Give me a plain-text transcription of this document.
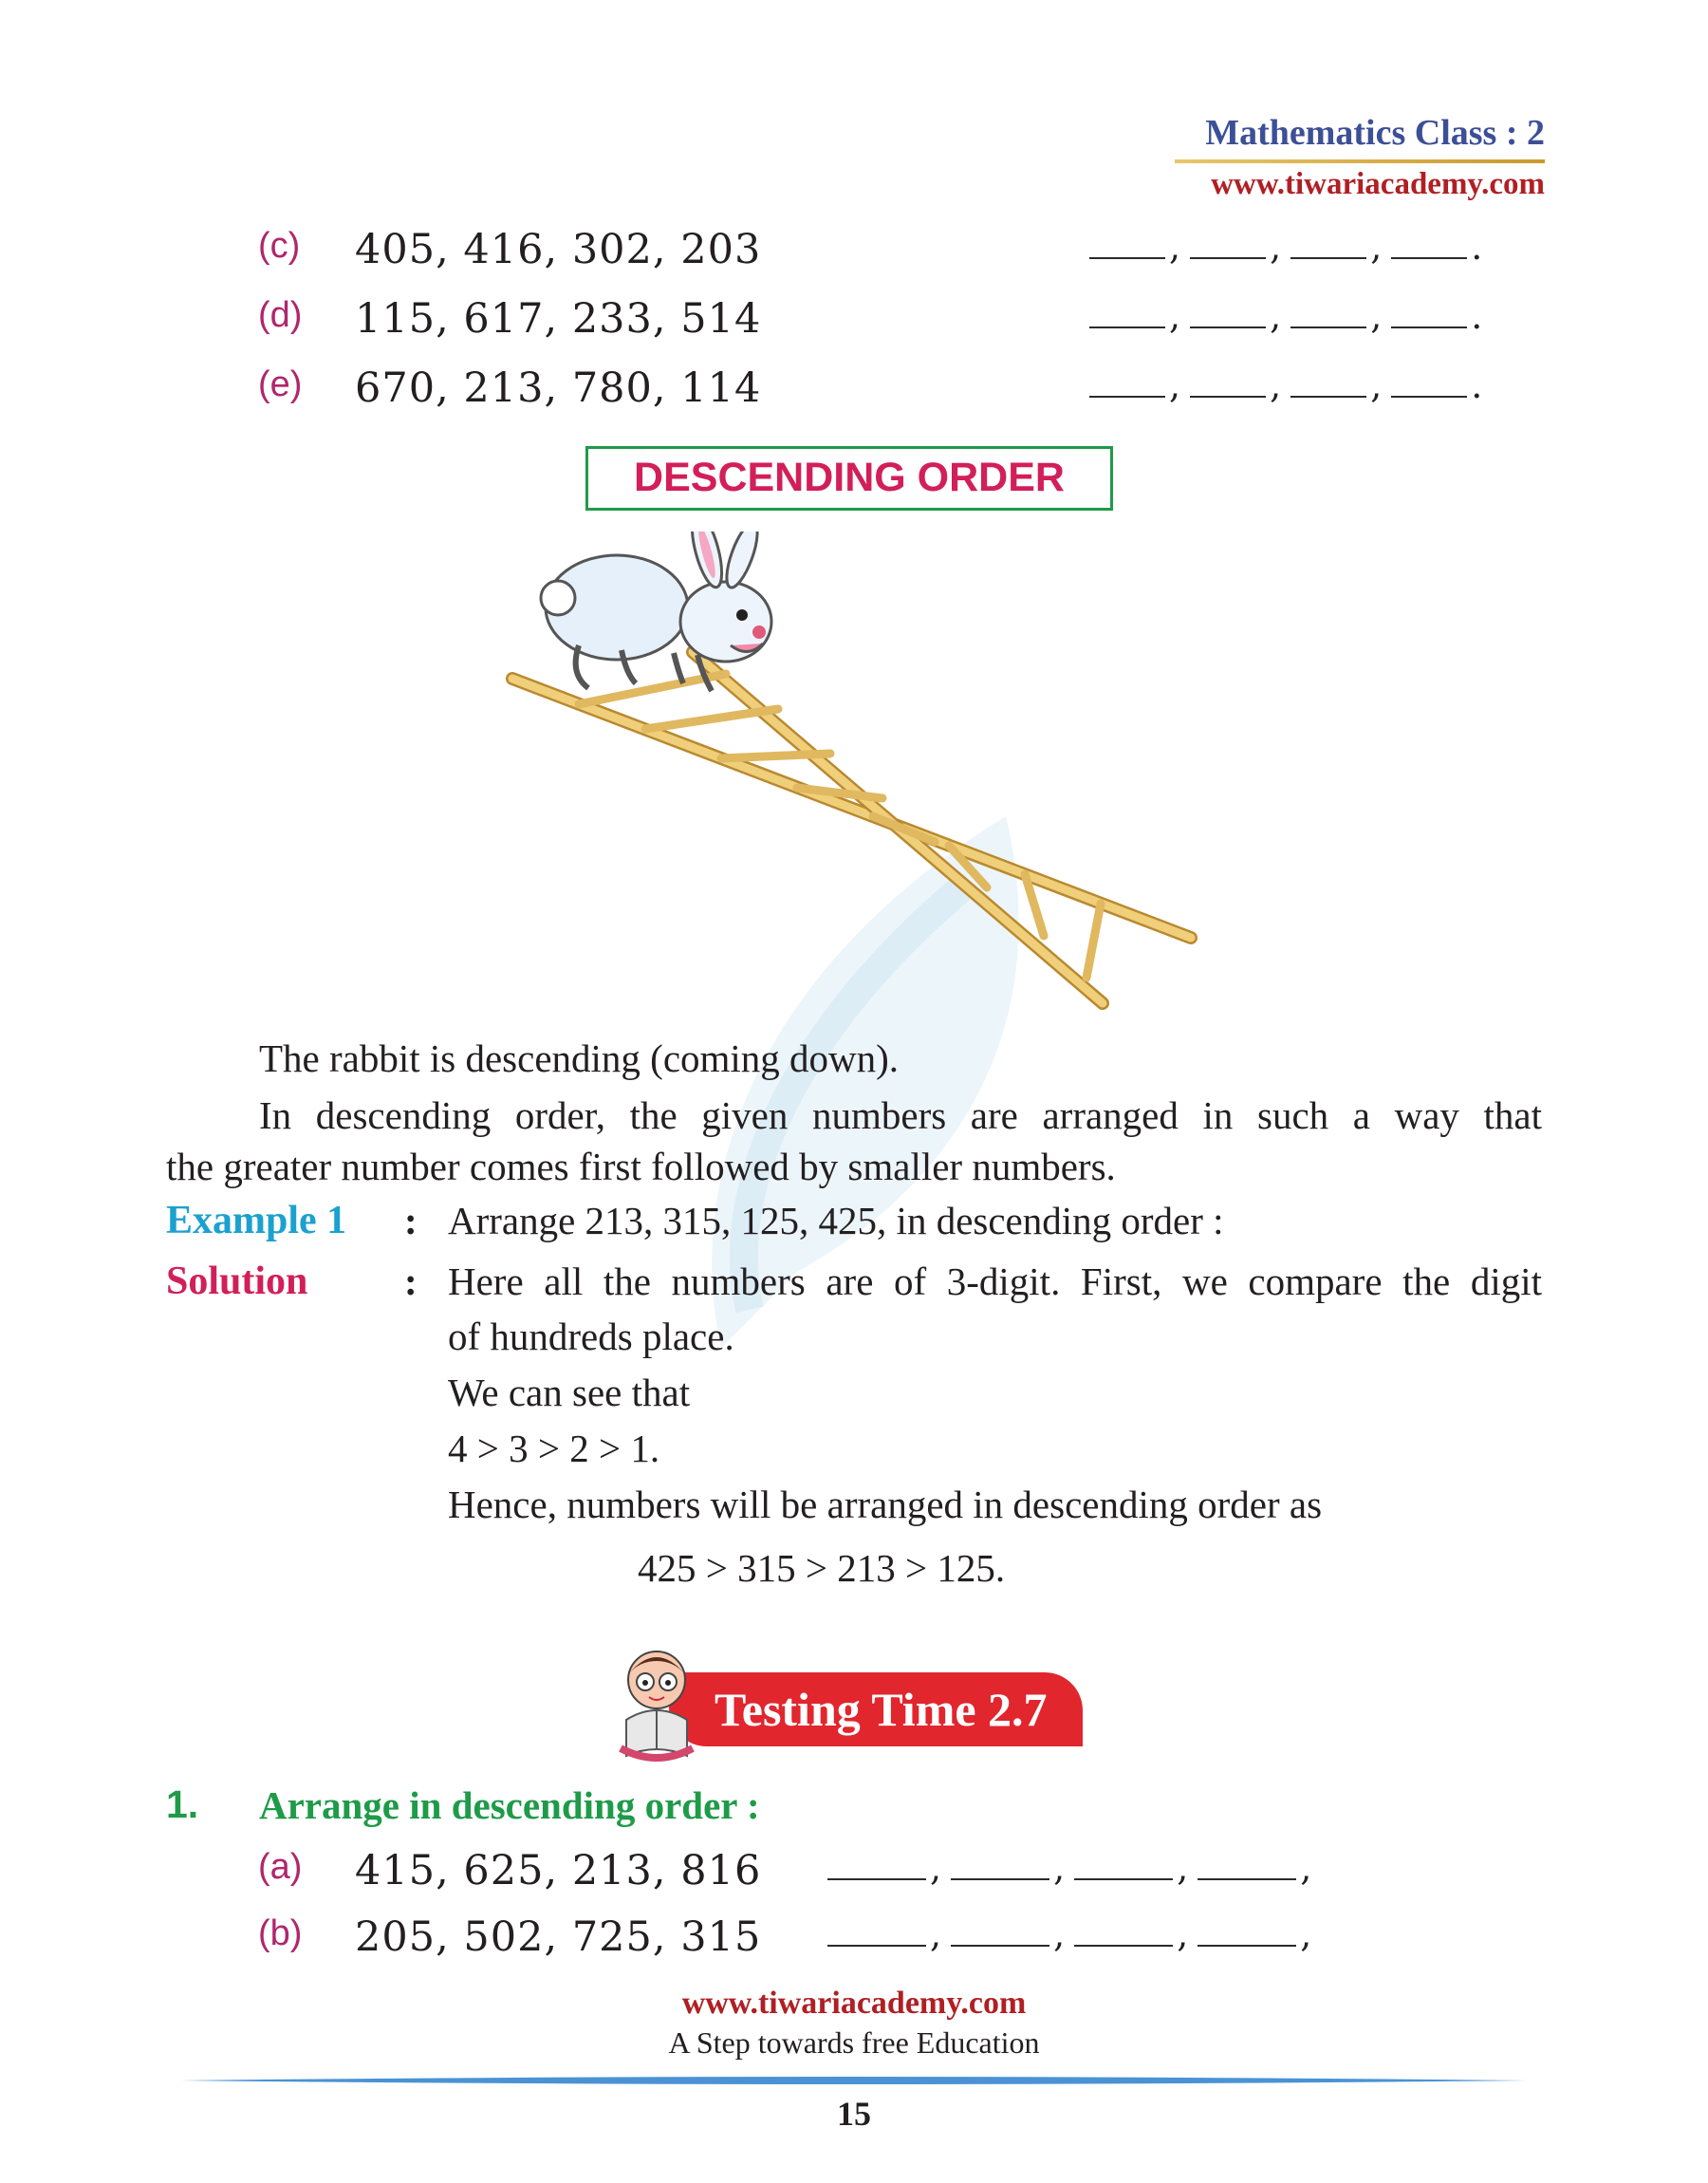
Mathematics Class : 2
www.tiwariacademy.com
(c) 405, 416, 302, 203	, , , .
(d) 115, 617, 233, 514	, , , .
(e) 670, 213, 780, 114	, , , .
DESCENDING ORDER
The rabbit is descending (coming down).
In descending order, the given numbers are arranged in such a way that
the greater number comes first followed by smaller numbers.
Example 1 : Arrange 213, 315, 125, 425, in descending order :
Solution : Here all the numbers are of 3-digit. First, we compare the digit
of hundreds place.
We can see that
4 > 3 > 2 > 1.
Hence, numbers will be arranged in descending order as
425 > 315 > 213 > 125.
Testing Time 2.7
1. Arrange in descending order :
(a) 415, 625, 213, 816	,	,	,	,
(b) 205, 502, 725, 315	,	,	,	,
www.tiwariacademy.com
A Step towards free Education
15
